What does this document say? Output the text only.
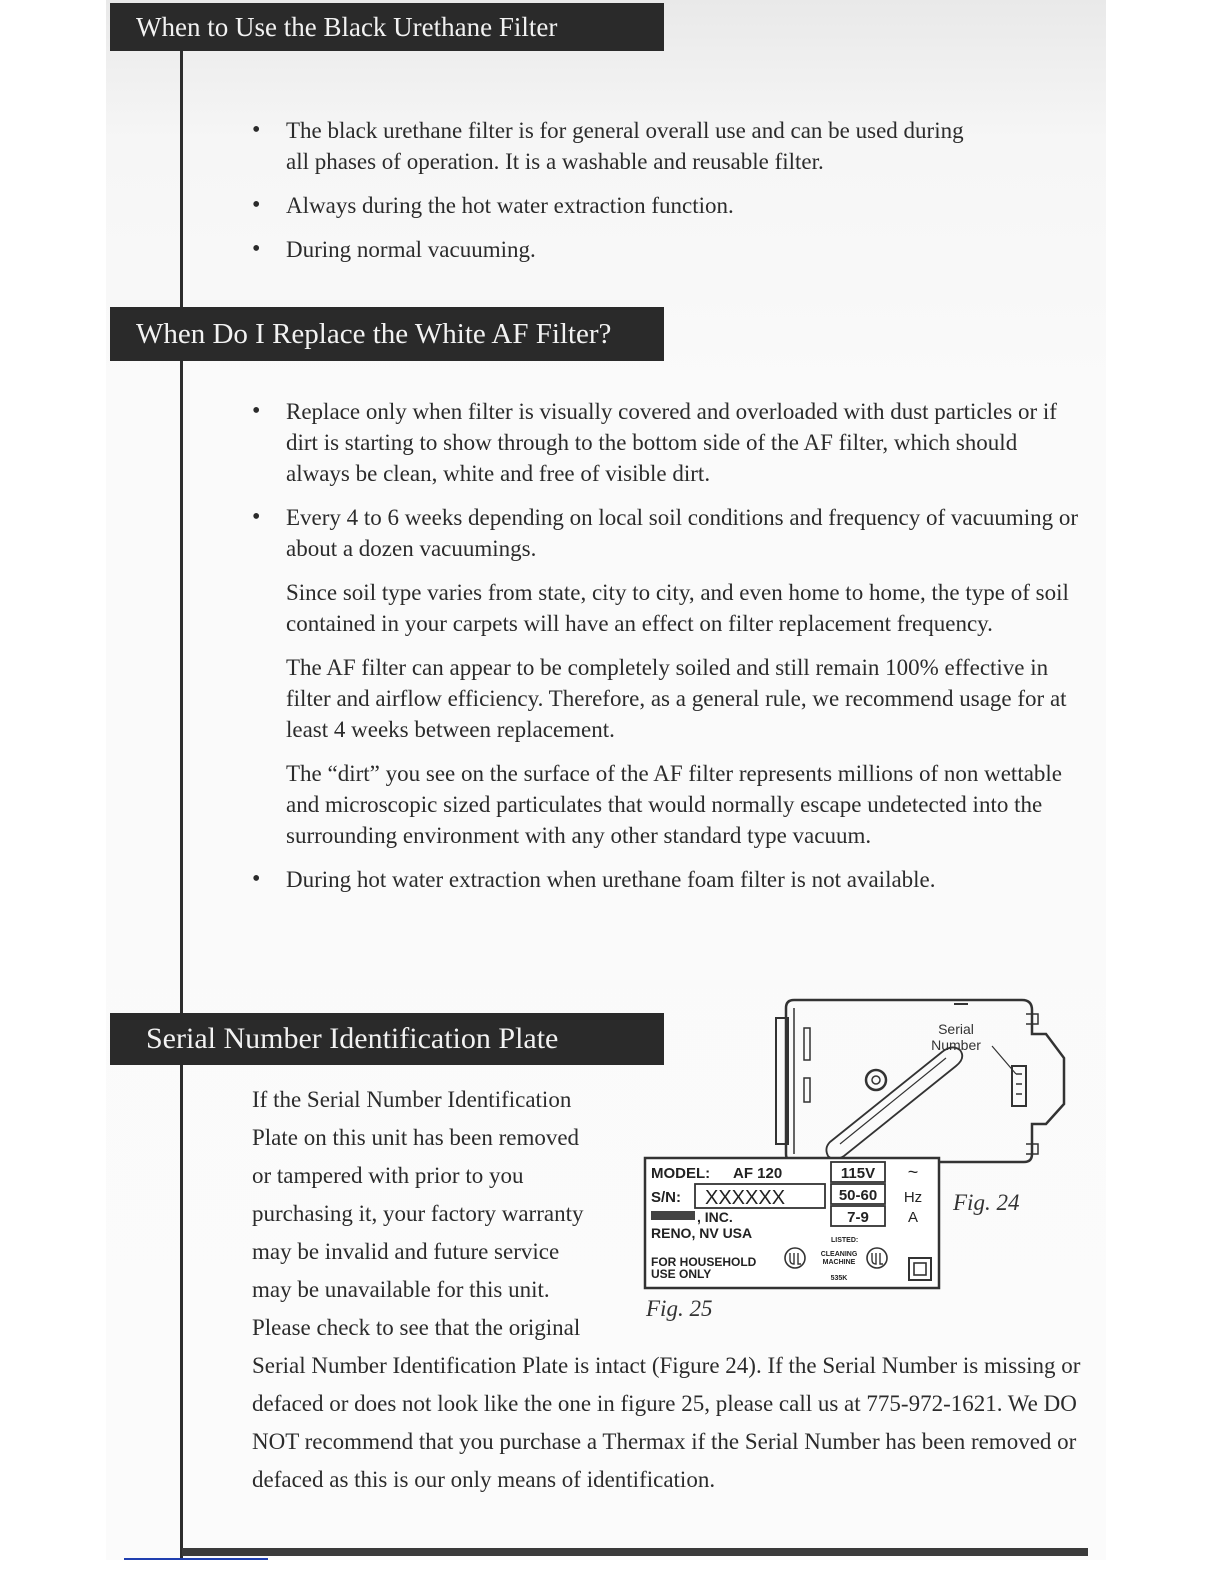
When to Use the Black Urethane Filter
• The black urethane filter is for general overall use and can be used during all phases of operation. It is a washable and reusable filter.
• Always during the hot water extraction function.
• During normal vacuuming.
When Do I Replace the White AF Filter?
• Replace only when filter is visually covered and overloaded with dust particles or if dirt is starting to show through to the bottom side of the AF filter, which should always be clean, white and free of visible dirt.
• Every 4 to 6 weeks depending on local soil conditions and frequency of vacuuming or about a dozen vacuumings.
Since soil type varies from state, city to city, and even home to home, the type of soil contained in your carpets will have an effect on filter replacement frequency.
The AF filter can appear to be completely soiled and still remain 100% effective in filter and airflow efficiency. Therefore, as a general rule, we recommend usage for at least 4 weeks between replacement.
The “dirt” you see on the surface of the AF filter represents millions of non wettable and microscopic sized particulates that would normally escape undetected into the surrounding environment with any other standard type vacuum.
• During hot water extraction when urethane foam filter is not available.
Serial Number Identification Plate
If the Serial Number Identification Plate on this unit has been removed or tampered with prior to you purchasing it, your factory warranty may be invalid and future service may be unavailable for this unit. Please check to see that the original Serial Number Identification Plate is intact (Figure 24). If the Serial Number is missing or defaced or does not look like the one in figure 25, please call us at 775-972-1621. We DO NOT recommend that you purchase a Thermax if the Serial Number has been removed or defaced as this is our only means of identification.
Serial
Number
MODEL: AF 120
S/N: XXXXXX
, INC.
RENO, NV USA
FOR HOUSEHOLD
USE ONLY
115V
50-60
7-9
~
Hz
A
LISTED:
CLEANING
MACHINE
535K
Fig. 24
Fig. 25
